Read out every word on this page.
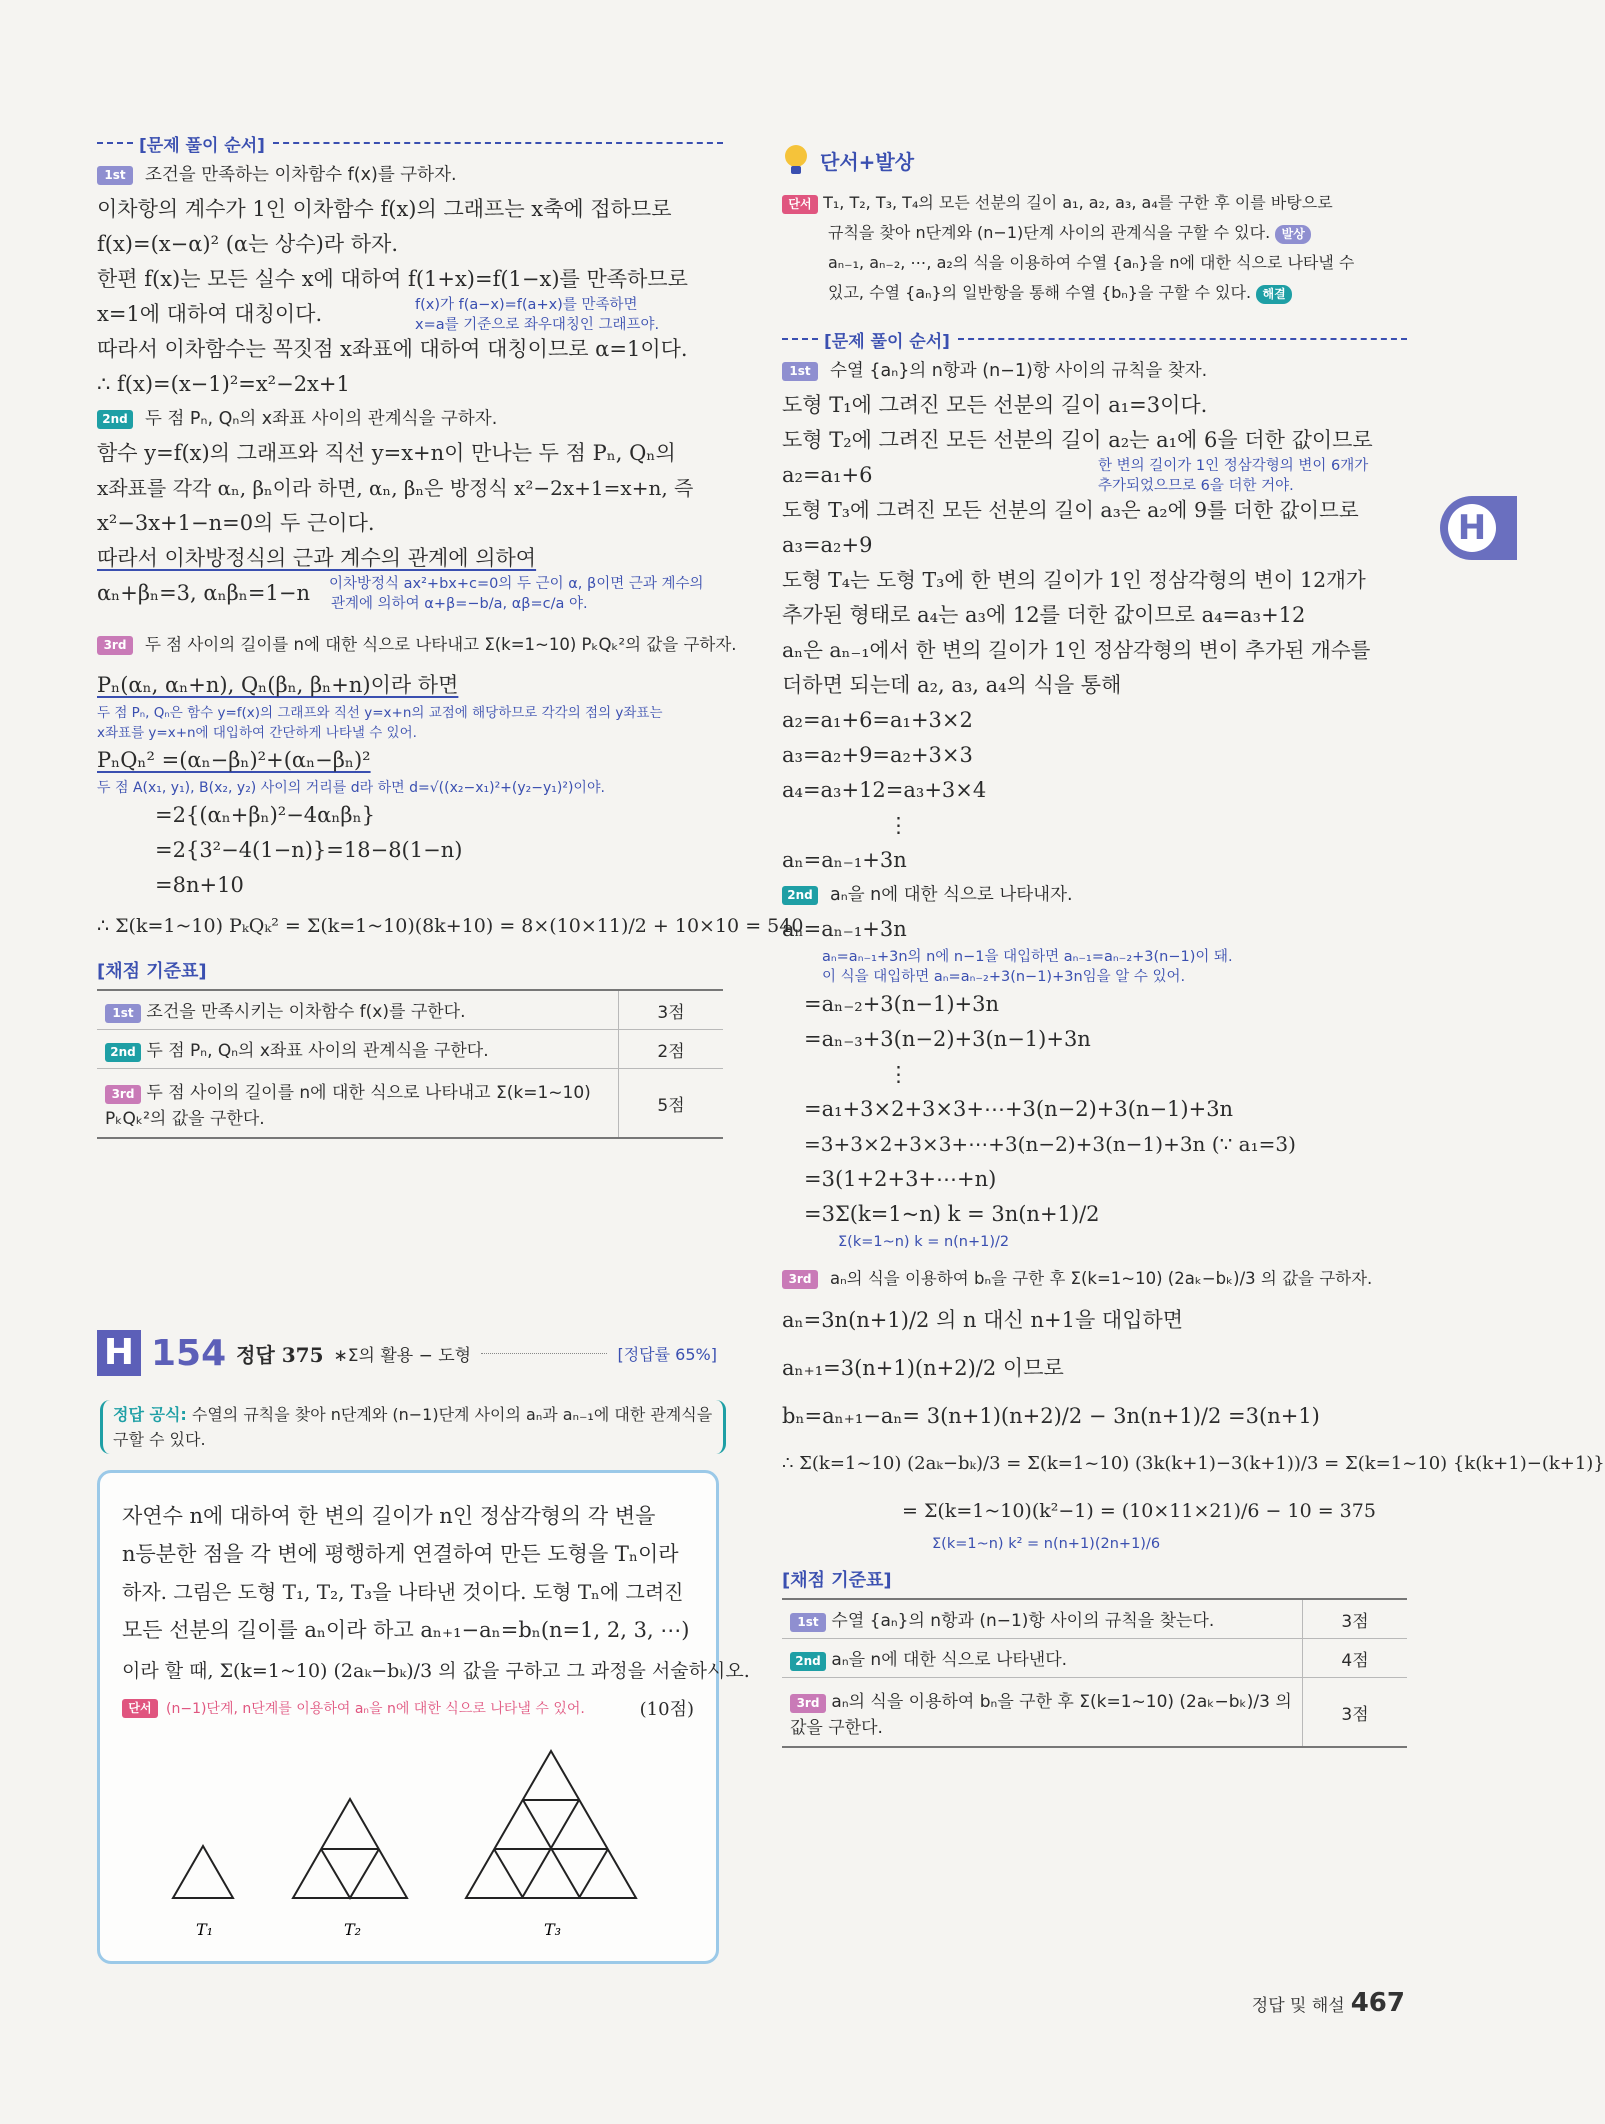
[문제 풀이 순서]
1st	조건을 만족하는 이차함수 f(x)를 구하자.
이차항의 계수가 1인 이차함수 f(x)의 그래프는 x축에 접하므로
f(x)=(x−α)² (α는 상수)라 하자.
한편 f(x)는 모든 실수 x에 대하여 f(1+x)=f(1−x)를 만족하므로
x=1에 대하여 대칭이다.	f(x)가 f(a−x)=f(a+x)를 만족하면
x=a를 기준으로 좌우대칭인 그래프야.
따라서 이차함수는 꼭짓점 x좌표에 대하여 대칭이므로 α=1이다.
∴ f(x)=(x−1)²=x²−2x+1
2nd 두 점 Pₙ, Qₙ의 x좌표 사이의 관계식을 구하자.
함수 y=f(x)의 그래프와 직선 y=x+n이 만나는 두 점 Pₙ, Qₙ의
x좌표를 각각 αₙ, βₙ이라 하면, αₙ, βₙ은 방정식 x²−2x+1=x+n, 즉
x²−3x+1−n=0의 두 근이다.
따라서 이차방정식의 근과 계수의 관계에 의하여
αₙ+βₙ=3, αₙβₙ=1−n	이차방정식 ax²+bx+c=0의 두 근이 α, β이면 근과 계수의
관계에 의하여 α+β=−b/a, αβ=c/a 야.
3rd	두 점 사이의 길이를 n에 대한 식으로 나타내고 Σ(k=1~10) PₖQₖ²의 값을 구하자.
Pₙ(αₙ, αₙ+n), Qₙ(βₙ, βₙ+n)이라 하면
두 점 Pₙ, Qₙ은 함수 y=f(x)의 그래프와 직선 y=x+n의 교점에 해당하므로 각각의 점의 y좌표는
x좌표를 y=x+n에 대입하여 간단하게 나타낼 수 있어.
PₙQₙ² =(αₙ−βₙ)²+(αₙ−βₙ)²
두 점 A(x₁, y₁), B(x₂, y₂) 사이의 거리를 d라 하면 d=√((x₂−x₁)²+(y₂−y₁)²)이야.
=2{(αₙ+βₙ)²−4αₙβₙ}
=2{3²−4(1−n)}=18−8(1−n)
=8n+10
∴ Σ(k=1~10) PₖQₖ² = Σ(k=1~10)(8k+10) = 8×(10×11)/2 + 10×10 = 540
[채점 기준표]
1st 조건을 만족시키는 이차함수 f(x)를 구한다.	3점
2nd 두 점 Pₙ, Qₙ의 x좌표 사이의 관계식을 구한다.	2점
3rd 두 점 사이의 길이를 n에 대한 식으로 나타내고 Σ(k=1~10) PₖQₖ²의 값을 구한다.	5점
H 154 정답 375 ∗Σ의 활용 − 도형	[정답률 65%]
정답 공식: 수열의 규칙을 찾아 n단계와 (n−1)단계 사이의 aₙ과 aₙ₋₁에 대한 관계식을 구할 수 있다.
자연수 n에 대하여 한 변의 길이가 n인 정삼각형의 각 변을
n등분한 점을 각 변에 평행하게 연결하여 만든 도형을 Tₙ이라
하자. 그림은 도형 T₁, T₂, T₃을 나타낸 것이다. 도형 Tₙ에 그려진
모든 선분의 길이를 aₙ이라 하고 aₙ₊₁−aₙ=bₙ(n=1, 2, 3, ⋯)
이라 할 때, Σ(k=1~10) (2aₖ−bₖ)/3 의 값을 구하고 그 과정을 서술하시오.
단서	(n−1)단계, n단계를 이용하여 aₙ을 n에 대한 식으로 나타낼 수 있어.	(10점)
T₁	T₂	T₃
단서+발상
단서 T₁, T₂, T₃, T₄의 모든 선분의 길이 a₁, a₂, a₃, a₄를 구한 후 이를 바탕으로
규칙을 찾아 n단계와 (n−1)단계 사이의 관계식을 구할 수 있다. 발상
aₙ₋₁, aₙ₋₂, ⋯, a₂의 식을 이용하여 수열 {aₙ}을 n에 대한 식으로 나타낼 수
있고, 수열 {aₙ}의 일반항을 통해 수열 {bₙ}을 구할 수 있다. 해결
[문제 풀이 순서]
1st	수열 {aₙ}의 n항과 (n−1)항 사이의 규칙을 찾자.
도형 T₁에 그려진 모든 선분의 길이 a₁=3이다.
도형 T₂에 그려진 모든 선분의 길이 a₂는 a₁에 6을 더한 값이므로
a₂=a₁+6	한 변의 길이가 1인 정삼각형의 변이 6개가
추가되었으므로 6을 더한 거야.
도형 T₃에 그려진 모든 선분의 길이 a₃은 a₂에 9를 더한 값이므로
a₃=a₂+9
도형 T₄는 도형 T₃에 한 변의 길이가 1인 정삼각형의 변이 12개가
추가된 형태로 a₄는 a₃에 12를 더한 값이므로 a₄=a₃+12
aₙ은 aₙ₋₁에서 한 변의 길이가 1인 정삼각형의 변이 추가된 개수를
더하면 되는데 a₂, a₃, a₄의 식을 통해
a₂=a₁+6=a₁+3×2
a₃=a₂+9=a₂+3×3
a₄=a₃+12=a₃+3×4
⋮
aₙ=aₙ₋₁+3n
2nd aₙ을 n에 대한 식으로 나타내자.
aₙ=aₙ₋₁+3n
aₙ=aₙ₋₁+3n의 n에 n−1을 대입하면 aₙ₋₁=aₙ₋₂+3(n−1)이 돼.
이 식을 대입하면 aₙ=aₙ₋₂+3(n−1)+3n임을 알 수 있어.
=aₙ₋₂+3(n−1)+3n
=aₙ₋₃+3(n−2)+3(n−1)+3n
⋮
=a₁+3×2+3×3+⋯+3(n−2)+3(n−1)+3n
=3+3×2+3×3+⋯+3(n−2)+3(n−1)+3n (∵ a₁=3)
=3(1+2+3+⋯+n)
=3Σ(k=1~n) k = 3n(n+1)/2
Σ(k=1~n) k = n(n+1)/2
3rd	aₙ의 식을 이용하여 bₙ을 구한 후 Σ(k=1~10) (2aₖ−bₖ)/3 의 값을 구하자.
aₙ=3n(n+1)/2 의 n 대신 n+1을 대입하면
aₙ₊₁=3(n+1)(n+2)/2 이므로
bₙ=aₙ₊₁−aₙ= 3(n+1)(n+2)/2 − 3n(n+1)/2 =3(n+1)
∴ Σ(k=1~10) (2aₖ−bₖ)/3 = Σ(k=1~10) (3k(k+1)−3(k+1))/3 = Σ(k=1~10) {k(k+1)−(k+1)}
= Σ(k=1~10)(k²−1) = (10×11×21)/6 − 10 = 375
Σ(k=1~n) k² = n(n+1)(2n+1)/6
[채점 기준표]
1st 수열 {aₙ}의 n항과 (n−1)항 사이의 규칙을 찾는다.	3점
2nd aₙ을 n에 대한 식으로 나타낸다.	4점
3rd aₙ의 식을 이용하여 bₙ을 구한 후 Σ(k=1~10) (2aₖ−bₖ)/3 의 값을 구한다.	3점
H
정답 및 해설 467
